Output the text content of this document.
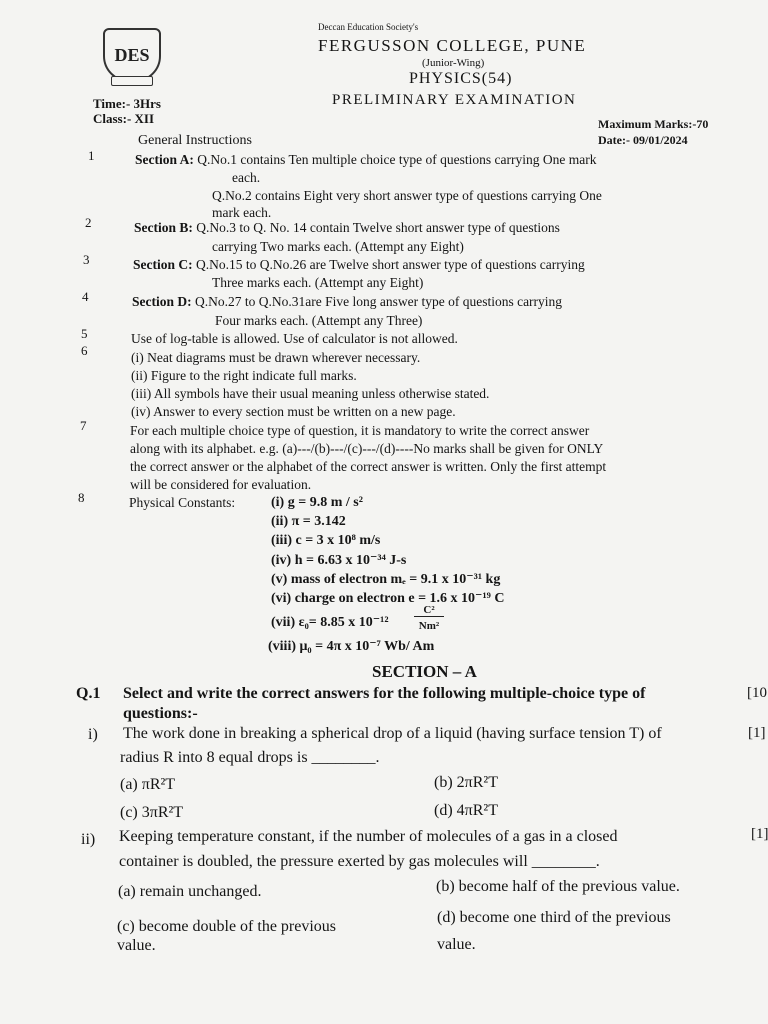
DES
Deccan Education Society's
FERGUSSON COLLEGE, PUNE
(Junior-Wing)
PHYSICS(54)
PRELIMINARY EXAMINATION
Time:- 3Hrs
Class:- XII	Maximum Marks:-70
Date:- 09/01/2024
General Instructions
1	Section A: Q.No.1 contains Ten multiple choice type of questions carrying One mark
each.
Q.No.2 contains Eight very short answer type of questions carrying One
mark each.
2	Section B: Q.No.3 to Q. No. 14 contain Twelve short answer type of questions
carrying Two marks each. (Attempt any Eight)
3	Section C: Q.No.15 to Q.No.26 are Twelve short answer type of questions carrying
Three marks each. (Attempt any Eight)
4	Section D: Q.No.27 to Q.No.31are Five long answer type of questions carrying
Four marks each. (Attempt any Three)
5	Use of log-table is allowed. Use of calculator is not allowed.
6	(i) Neat diagrams must be drawn wherever necessary.
(ii) Figure to the right indicate full marks.
(iii) All symbols have their usual meaning unless otherwise stated.
(iv) Answer to every section must be written on a new page.
7	For each multiple choice type of question, it is mandatory to write the correct answer
along with its alphabet. e.g. (a)---/(b)---/(c)---/(d)----No marks shall be given for ONLY
the correct answer or the alphabet of the correct answer is written. Only the first attempt
will be considered for evaluation.
8	Physical Constants:	(i) g = 9.8 m / s²
(ii) π = 3.142
(iii) c = 3 x 10⁸ m/s
(iv) h = 6.63 x 10⁻³⁴ J-s
(v) mass of electron mₑ = 9.1 x 10⁻³¹ kg
(vi) charge on electron e = 1.6 x 10⁻¹⁹ C
(vii) ε₀= 8.85 x 10⁻¹²
C²
Nm²
(viii) μ₀ = 4π x 10⁻⁷ Wb/ Am
SECTION – A
Q.1 Select and write the correct answers for the following multiple-choice type of
questions:-
[10
i) The work done in breaking a spherical drop of a liquid (having surface tension T) of
radius R into 8 equal drops is ________.
[1]
(a) πR²T	(b) 2πR²T
(c) 3πR²T	(d) 4πR²T
ii) Keeping temperature constant, if the number of molecules of a gas in a closed
container is doubled, the pressure exerted by gas molecules will ________.
[1]
(a) remain unchanged.	(b) become half of the previous value.
(c) become double of the previous
value.
(d) become one third of the previous
value.
